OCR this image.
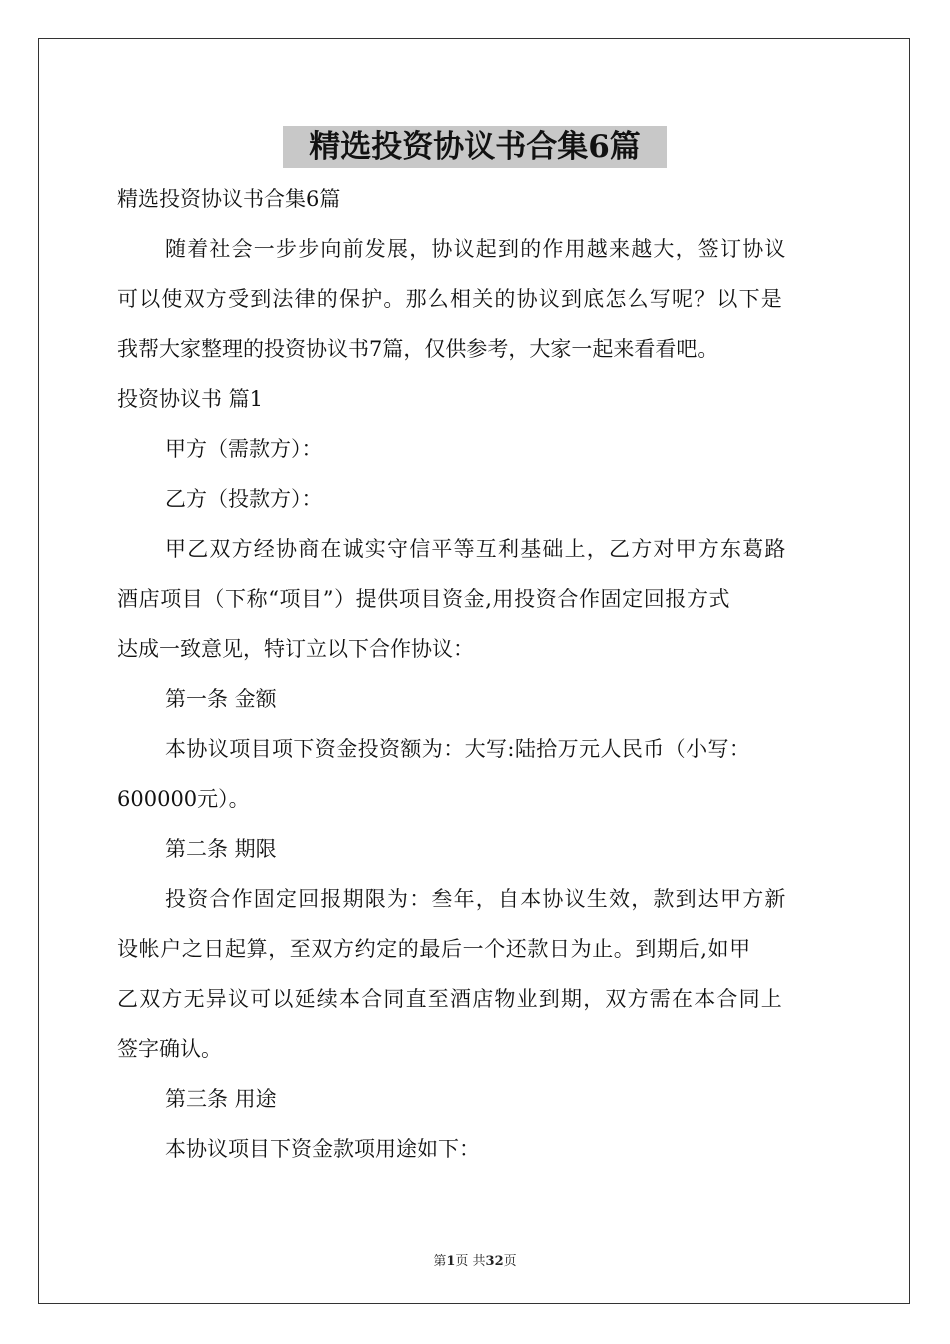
精选投资协议书合集6篇
精选投资协议书合集6篇
随着社会一步步向前发展，协议起到的作用越来越大，签订协议
可以使双方受到法律的保护。那么相关的协议到底怎么写呢？以下是
我帮大家整理的投资协议书7篇，仅供参考，大家一起来看看吧。
投资协议书 篇1
甲方（需款方）：
乙方（投款方）：
甲乙双方经协商在诚实守信平等互利基础上，乙方对甲方东葛路
酒店项目（下称“项目”）提供项目资金,用投资合作固定回报方式
达成一致意见，特订立以下合作协议：
第一条 金额
本协议项目项下资金投资额为：大写:陆拾万元人民币（小写：
600000元）。
第二条 期限
投资合作固定回报期限为：叁年，自本协议生效，款到达甲方新
设帐户之日起算，至双方约定的最后一个还款日为止。到期后,如甲
乙双方无异议可以延续本合同直至酒店物业到期，双方需在本合同上
签字确认。
第三条 用途
本协议项目下资金款项用途如下：
第1页 共32页
